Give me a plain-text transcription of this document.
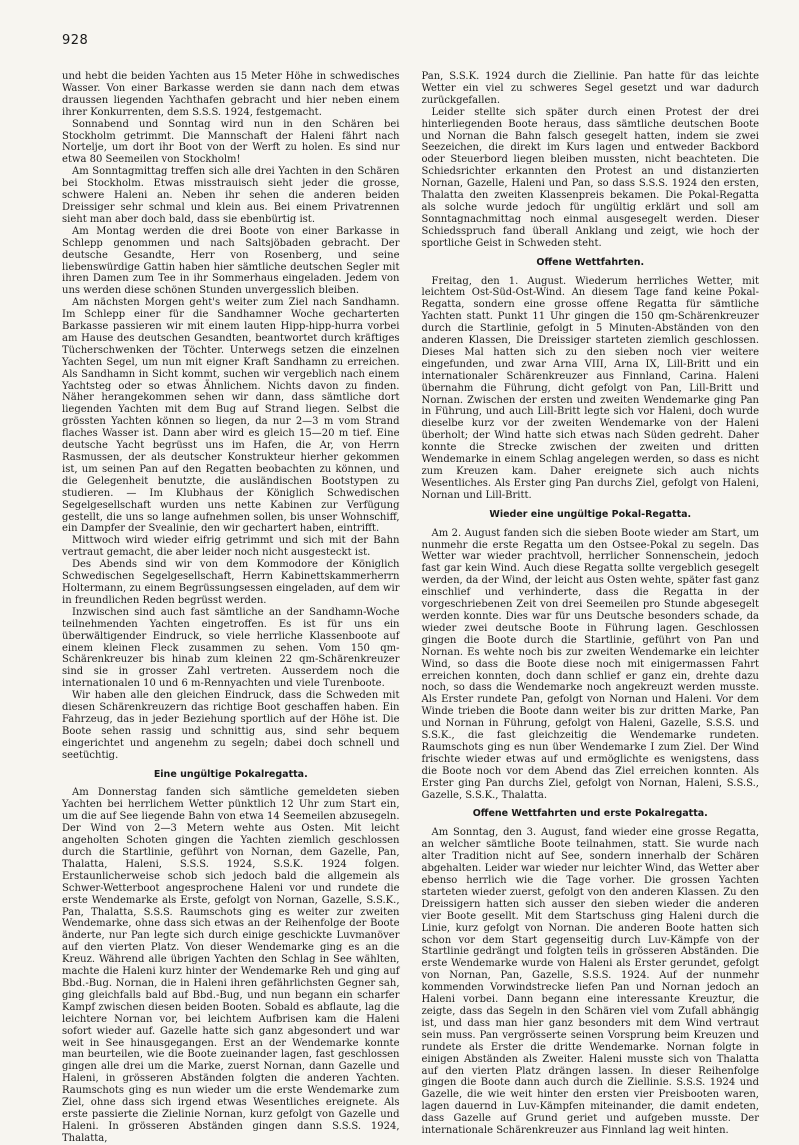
928

und hebt die beiden Yachten aus 15 Meter Höhe in schwedisches Wasser. Von einer Barkasse werden sie dann nach dem etwas draussen liegenden Yachthafen gebracht und hier neben einem ihrer Konkurrenten, dem S.S.S. 1924, festgemacht.

Sonnabend und Sonntag wird nun in den Schären bei Stockholm getrimmt. Die Mannschaft der Haleni fährt nach Nortelje, um dort ihr Boot von der Werft zu holen. Es sind nur etwa 80 Seemeilen von Stockholm!

Am Sonntagmittag treffen sich alle drei Yachten in den Schären bei Stockholm. Etwas misstrauisch sieht jeder die grosse, schwere Haleni an. Neben ihr sehen die anderen beiden Dreissiger sehr schmal und klein aus. Bei einem Privatrennen sieht man aber doch bald, dass sie ebenbürtig ist.

Am Montag werden die drei Boote von einer Barkasse in Schlepp genommen und nach Saltsjöbaden gebracht. Der deutsche Gesandte, Herr von Rosenberg, und seine liebenswürdige Gattin haben hier sämtliche deutschen Segler mit ihren Damen zum Tee in ihr Sommerhaus eingeladen. Jedem von uns werden diese schönen Stunden unvergesslich bleiben.

Am nächsten Morgen geht's weiter zum Ziel nach Sandhamn. Im Schlepp einer für die Sandhamner Woche gecharterten Barkasse passieren wir mit einem lauten Hipp-hipp-hurra vorbei am Hause des deutschen Gesandten, beantwortet durch kräftiges Tücherschwenken der Töchter. Unterwegs setzen die einzelnen Yachten Segel, um nun mit eigner Kraft Sandhamn zu erreichen. Als Sandhamn in Sicht kommt, suchen wir vergeblich nach einem Yachtsteg oder so etwas Ähnlichem. Nichts davon zu finden. Näher herangekommen sehen wir dann, dass sämtliche dort liegenden Yachten mit dem Bug auf Strand liegen. Selbst die grössten Yachten können so liegen, da nur 2—3 m vom Strand flaches Wasser ist. Dann aber wird es gleich 15—20 m tief. Eine deutsche Yacht begrüsst uns im Hafen, die Ar, von Herrn Rasmussen, der als deutscher Konstrukteur hierher gekommen ist, um seinen Pan auf den Regatten beobachten zu können, und die Gelegenheit benutzte, die ausländischen Bootstypen zu studieren. — Im Klubhaus der Königlich Schwedischen Segelgesellschaft wurden uns nette Kabinen zur Verfügung gestellt, die uns so lange aufnehmen sollen, bis unser Wohnschiff, ein Dampfer der Svealinie, den wir gechartert haben, eintrifft.

Mittwoch wird wieder eifrig getrimmt und sich mit der Bahn vertraut gemacht, die aber leider noch nicht ausgesteckt ist.

Des Abends sind wir von dem Kommodore der Königlich Schwedischen Segelgesellschaft, Herrn Kabinettskammerherrn Holtermann, zu einem Begrüssungsessen eingeladen, auf dem wir in freundlichen Reden begrüsst werden.

Inzwischen sind auch fast sämtliche an der Sandhamn-Woche teilnehmenden Yachten eingetroffen. Es ist für uns ein überwältigender Eindruck, so viele herrliche Klassenboote auf einem kleinen Fleck zusammen zu sehen. Vom 150 qm-Schärenkreuzer bis hinab zum kleinen 22 qm-Schärenkreuzer sind sie in grosser Zahl vertreten. Ausserdem noch die internationalen 10 und 6 m-Rennyachten und viele Turenboote.

Wir haben alle den gleichen Eindruck, dass die Schweden mit diesen Schärenkreuzern das richtige Boot geschaffen haben. Ein Fahrzeug, das in jeder Beziehung sportlich auf der Höhe ist. Die Boote sehen rassig und schnittig aus, sind sehr bequem eingerichtet und angenehm zu segeln; dabei doch schnell und seetüchtig.

Eine ungültige Pokalregatta.

Am Donnerstag fanden sich sämtliche gemeldeten sieben Yachten bei herrlichem Wetter pünktlich 12 Uhr zum Start ein, um die auf See liegende Bahn von etwa 14 Seemeilen abzusegeln. Der Wind von 2—3 Metern wehte aus Osten. Mit leicht angeholten Schoten gingen die Yachten ziemlich geschlossen durch die Startlinie, geführt von Nornan, dem Gazelle, Pan, Thalatta, Haleni, S.S.S. 1924, S.S.K. 1924 folgen. Erstaunlicherweise schob sich jedoch bald die allgemein als Schwer-Wetterboot angesprochene Haleni vor und rundete die erste Wendemarke als Erste, gefolgt von Nornan, Gazelle, S.S.K., Pan, Thalatta, S.S.S. Raumschots ging es weiter zur zweiten Wendemarke, ohne dass sich etwas an der Reihenfolge der Boote änderte, nur Pan legte sich durch einige geschickte Luvmanöver auf den vierten Platz. Von dieser Wendemarke ging es an die Kreuz. Während alle übrigen Yachten den Schlag in See wählten, machte die Haleni kurz hinter der Wendemarke Reh und ging auf Bbd.-Bug. Nornan, die in Haleni ihren gefährlichsten Gegner sah, ging gleichfalls bald auf Bbd.-Bug, und nun begann ein scharfer Kampf zwischen diesen beiden Booten. Sobald es abflaute, lag die leichtere Nornan vor, bei leichtem Aufbrisen kam die Haleni sofort wieder auf. Gazelle hatte sich ganz abgesondert und war weit in See hinausgegangen. Erst an der Wendemarke konnte man beurteilen, wie die Boote zueinander lagen, fast geschlossen gingen alle drei um die Marke, zuerst Nornan, dann Gazelle und Haleni, in grösseren Abständen folgten die anderen Yachten. Raumschots ging es nun wieder um die erste Wendemarke zum Ziel, ohne dass sich irgend etwas Wesentliches ereignete. Als erste passierte die Zielinie Nornan, kurz gefolgt von Gazelle und Haleni. In grösseren Abständen gingen dann S.S.S. 1924, Thalatta,

Pan, S.S.K. 1924 durch die Ziellinie. Pan hatte für das leichte Wetter ein viel zu schweres Segel gesetzt und war dadurch zurückgefallen.

Leider stellte sich später durch einen Protest der drei hinterliegenden Boote heraus, dass sämtliche deutschen Boote und Nornan die Bahn falsch gesegelt hatten, indem sie zwei Seezeichen, die direkt im Kurs lagen und entweder Backbord oder Steuerbord liegen bleiben mussten, nicht beachteten. Die Schiedsrichter erkannten den Protest an und distanzierten Nornan, Gazelle, Haleni und Pan, so dass S.S.S. 1924 den ersten, Thalatta den zweiten Klassenpreis bekamen. Die Pokal-Regatta als solche wurde jedoch für ungültig erklärt und soll am Sonntagnachmittag noch einmal ausgesegelt werden. Dieser Schiedsspruch fand überall Anklang und zeigt, wie hoch der sportliche Geist in Schweden steht.

Offene Wettfahrten.

Freitag, den 1. August. Wiederum herrliches Wetter, mit leichtem Ost-Süd-Ost-Wind. An diesem Tage fand keine Pokal-Regatta, sondern eine grosse offene Regatta für sämtliche Yachten statt. Punkt 11 Uhr gingen die 150 qm-Schärenkreuzer durch die Startlinie, gefolgt in 5 Minuten-Abständen von den anderen Klassen, Die Dreissiger starteten ziemlich geschlossen. Dieses Mal hatten sich zu den sieben noch vier weitere eingefunden, und zwar Arna VIII, Arna IX, Lill-Britt und ein internationaler Schärenkreuzer aus Finnland, Carina. Haleni übernahm die Führung, dicht gefolgt von Pan, Lill-Britt und Nornan. Zwischen der ersten und zweiten Wendemarke ging Pan in Führung, und auch Lill-Britt legte sich vor Haleni, doch wurde dieselbe kurz vor der zweiten Wendemarke von der Haleni überholt; der Wind hatte sich etwas nach Süden gedreht. Daher konnte die Strecke zwischen der zweiten und dritten Wendemarke in einem Schlag angelegen werden, so dass es nicht zum Kreuzen kam. Daher ereignete sich auch nichts Wesentliches. Als Erster ging Pan durchs Ziel, gefolgt von Haleni, Nornan und Lill-Britt.

Wieder eine ungültige Pokal-Regatta.

Am 2. August fanden sich die sieben Boote wieder am Start, um nunmehr die erste Regatta um den Ostsee-Pokal zu segeln. Das Wetter war wieder prachtvoll, herrlicher Sonnenschein, jedoch fast gar kein Wind. Auch diese Regatta sollte vergeblich gesegelt werden, da der Wind, der leicht aus Osten wehte, später fast ganz einschlief und verhinderte, dass die Regatta in der vorgeschriebenen Zeit von drei Seemeilen pro Stunde abgesegelt werden konnte. Dies war für uns Deutsche besonders schade, da wieder zwei deutsche Boote in Führung lagen. Geschlossen gingen die Boote durch die Startlinie, geführt von Pan und Nornan. Es wehte noch bis zur zweiten Wendemarke ein leichter Wind, so dass die Boote diese noch mit einigermassen Fahrt erreichen konnten, doch dann schlief er ganz ein, drehte dazu noch, so dass die Wendemarke noch angekreuzt werden musste. Als Erster rundete Pan, gefolgt von Nornan und Haleni. Vor dem Winde trieben die Boote dann weiter bis zur dritten Marke, Pan und Nornan in Führung, gefolgt von Haleni, Gazelle, S.S.S. und S.S.K., die fast gleichzeitig die Wendemarke rundeten. Raumschots ging es nun über Wendemarke I zum Ziel. Der Wind frischte wieder etwas auf und ermöglichte es wenigstens, dass die Boote noch vor dem Abend das Ziel erreichen konnten. Als Erster ging Pan durchs Ziel, gefolgt von Nornan, Haleni, S.S.S., Gazelle, S.S.K., Thalatta.

Offene Wettfahrten und erste Pokalregatta.

Am Sonntag, den 3. August, fand wieder eine grosse Regatta, an welcher sämtliche Boote teilnahmen, statt. Sie wurde nach alter Tradition nicht auf See, sondern innerhalb der Schären abgehalten. Leider war wieder nur leichter Wind, das Wetter aber ebenso herrlich wie die Tage vorher. Die grossen Yachten starteten wieder zuerst, gefolgt von den anderen Klassen. Zu den Dreissigern hatten sich ausser den sieben wieder die anderen vier Boote gesellt. Mit dem Startschuss ging Haleni durch die Linie, kurz gefolgt von Nornan. Die anderen Boote hatten sich schon vor dem Start gegenseitig durch Luv-Kämpfe von der Startlinie gedrängt und folgten teils in grösseren Abständen. Die erste Wendemarke wurde von Haleni als Erster gerundet, gefolgt von Nornan, Pan, Gazelle, S.S.S. 1924. Auf der nunmehr kommenden Vorwindstrecke liefen Pan und Nornan jedoch an Haleni vorbei. Dann begann eine interessante Kreuztur, die zeigte, dass das Segeln in den Schären viel vom Zufall abhängig ist, und dass man hier ganz besonders mit dem Wind vertraut sein muss. Pan vergrösserte seinen Vorsprung beim Kreuzen und rundete als Erster die dritte Wendemarke. Nornan folgte in einigen Abständen als Zweiter. Haleni musste sich von Thalatta auf den vierten Platz drängen lassen. In dieser Reihenfolge gingen die Boote dann auch durch die Ziellinie. S.S.S. 1924 und Gazelle, die wie weit hinter den ersten vier Preisbooten waren, lagen dauernd in Luv-Kämpfen miteinander, die damit endeten, dass Gazelle auf Grund geriet und aufgeben musste. Der internationale Schärenkreuzer aus Finnland lag weit hinten.
